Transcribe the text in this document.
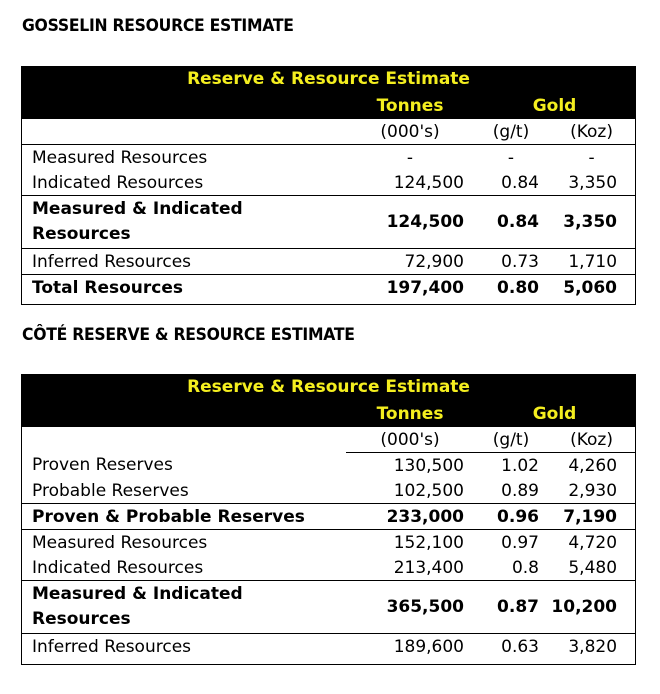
GOSSELIN RESOURCE ESTIMATE
Reserve & Resource Estimate			
	Tonnes	Gold	
	(000's)	(g/t)	(Koz)
Measured Resources	-	-	-
Indicated Resources	124,500	0.84	3,350
Measured & Indicated
Resources	124,500	0.84	3,350
Inferred Resources	72,900	0.73	1,710
Total Resources	197,400	0.80	5,060
CÔTÉ RESERVE & RESOURCE ESTIMATE
Reserve & Resource Estimate			
	Tonnes	Gold	
	(000's)	(g/t)	(Koz)
Proven Reserves	130,500	1.02	4,260
Probable Reserves	102,500	0.89	2,930
Proven & Probable Reserves	233,000	0.96	7,190
Measured Resources	152,100	0.97	4,720
Indicated Resources	213,400	0.8	5,480
Measured & Indicated
Resources	365,500	0.87	10,200
Inferred Resources	189,600	0.63	3,820
